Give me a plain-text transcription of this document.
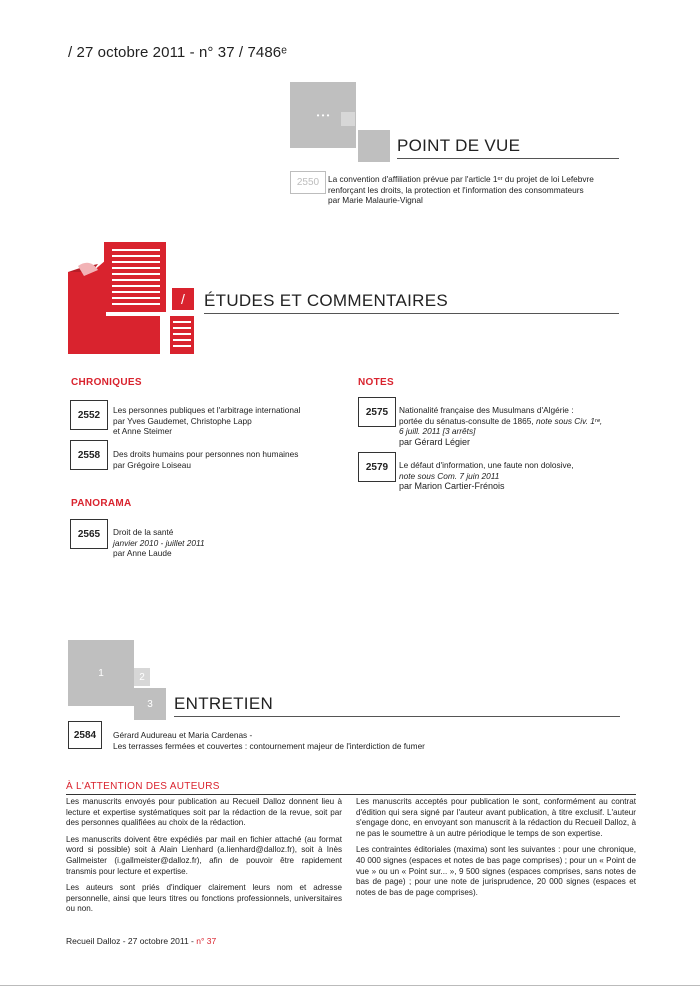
/ 27 octobre 2011 - n° 37 / 7486ᵉ
• • •
POINT DE VUE
2550	La convention d'affiliation prévue par l'article 1ᵉʳ du projet de loi Lefebvre
renforçant les droits, la protection et l'information des consommateurs
par Marie Malaurie-Vignal
/ ÉTUDES ET COMMENTAIRES
CHRONIQUES
2552	Les personnes publiques et l'arbitrage international
par Yves Gaudemet, Christophe Lapp
et Anne Steimer
2558	Des droits humains pour personnes non humaines
par Grégoire Loiseau
PANORAMA
2565	Droit de la santé
janvier 2010 - juillet 2011
par Anne Laude
NOTES
2575	Nationalité française des Musulmans d'Algérie :
portée du sénatus-consulte de 1865, note sous Civ. 1ʳᵉ,
6 juill. 2011 [3 arrêts]
par Gérard Légier
2579	Le défaut d'information, une faute non dolosive,
note sous Com. 7 juin 2011
par Marion Cartier-Frénois
1	2
3 ENTRETIEN
2584	Gérard Audureau et Maria Cardenas -
Les terrasses fermées et couvertes : contournement majeur de l'interdiction de fumer
À L'ATTENTION DES AUTEURS

Les manuscrits envoyés pour publication au Recueil Dalloz donnent lieu à lecture et expertise systématiques soit par la rédaction de la revue, soit par des personnes qualifiées au choix de la rédaction.

Les manuscrits doivent être expédiés par mail en fichier attaché (au format word si possible) soit à Alain Lienhard (a.lienhard@dalloz.fr), soit à Inès Gallmeister (i.gallmeister@dalloz.fr), afin de pouvoir être rapidement transmis pour lecture et expertise.

Les auteurs sont priés d'indiquer clairement leurs nom et adresse personnelle, ainsi que leurs titres ou fonctions professionnels, universitaires ou non.

Les manuscrits acceptés pour publication le sont, conformément au contrat d'édition qui sera signé par l'auteur avant publication, à titre exclusif. L'auteur s'engage donc, en envoyant son manuscrit à la rédaction du Recueil Dalloz, à ne pas le soumettre à un autre périodique le temps de son expertise.

Les contraintes éditoriales (maxima) sont les suivantes : pour une chronique, 40 000 signes (espaces et notes de bas page comprises) ; pour un « Point de vue » ou un « Point sur... », 9 500 signes (espaces comprises, sans notes de bas de page) ; pour une note de jurisprudence, 20 000 signes (espaces et notes de bas de page comprises).

Recueil Dalloz - 27 octobre 2011 - n° 37
